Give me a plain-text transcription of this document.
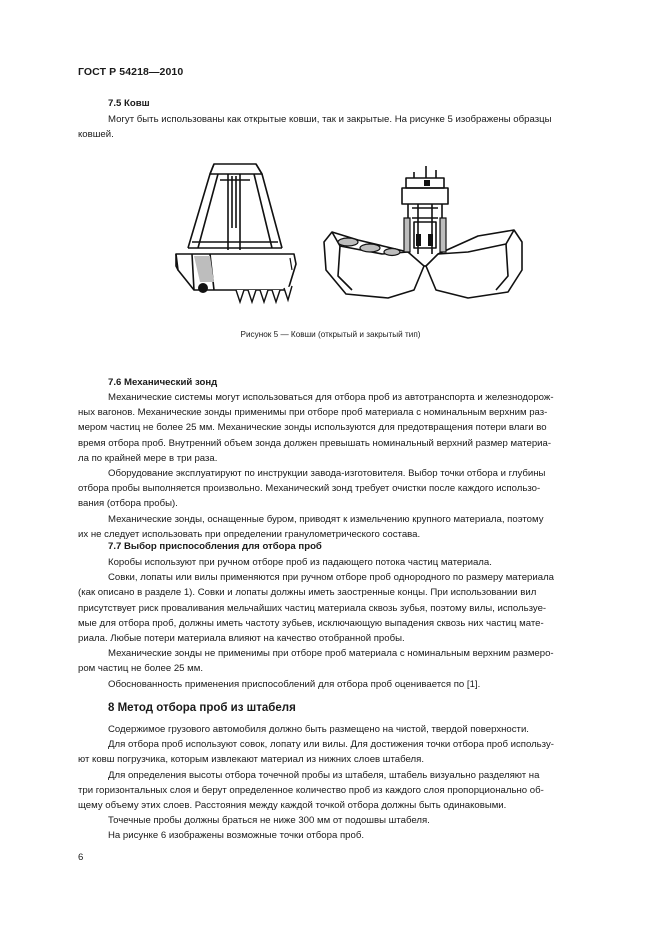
ГОСТ Р 54218—2010
7.5 Ковш
Могут быть использованы как открытые ковши, так и закрытые. На рисунке 5 изображены образцы
ковшей.
Рисунок 5 — Ковши (открытый и закрытый тип)
7.6 Механический зонд
Механические системы могут использоваться для отбора проб из автотранспорта и железнодорож-
ных вагонов. Механические зонды применимы при отборе проб материала с номинальным верхним раз-
мером частиц не более 25 мм. Механические зонды используются для предотвращения потери влаги во
время отбора проб. Внутренний объем зонда должен превышать номинальный верхний размер материа-
ла по крайней мере в три раза.
Оборудование эксплуатируют по инструкции завода-изготовителя. Выбор точки отбора и глубины
отбора пробы выполняется произвольно. Механический зонд требует очистки после каждого использо-
вания (отбора пробы).
Механические зонды, оснащенные буром, приводят к измельчению крупного материала, поэтому
их не следует использовать при определении гранулометрического состава.
7.7 Выбор приспособления для отбора проб
Коробы используют при ручном отборе проб из падающего потока частиц материала.
Совки, лопаты или вилы применяются при ручном отборе проб однородного по размеру материала
(как описано в разделе 1). Совки и лопаты должны иметь заостренные концы. При использовании вил
присутствует риск проваливания мельчайших частиц материала сквозь зубья, поэтому вилы, используе-
мые для отбора проб, должны иметь частоту зубьев, исключающую выпадения сквозь них частиц мате-
риала. Любые потери материала влияют на качество отобранной пробы.
Механические зонды не применимы при отборе проб материала с номинальным верхним размеро-
ром частиц не более 25 мм.
Обоснованность применения приспособлений для отбора проб оценивается по [1].
8 Метод отбора проб из штабеля
Содержимое грузового автомобиля должно быть размещено на чистой, твердой поверхности.
Для отбора проб используют совок, лопату или вилы. Для достижения точки отбора проб использу-
ют ковш погрузчика, которым извлекают материал из нижних слоев штабеля.
Для определения высоты отбора точечной пробы из штабеля, штабель визуально разделяют на
три горизонтальных слоя и берут определенное количество проб из каждого слоя пропорционально об-
щему объему этих слоев. Расстояния между каждой точкой отбора должны быть одинаковыми.
Точечные пробы должны браться не ниже 300 мм от подошвы штабеля.
На рисунке 6 изображены возможные точки отбора проб.
6
